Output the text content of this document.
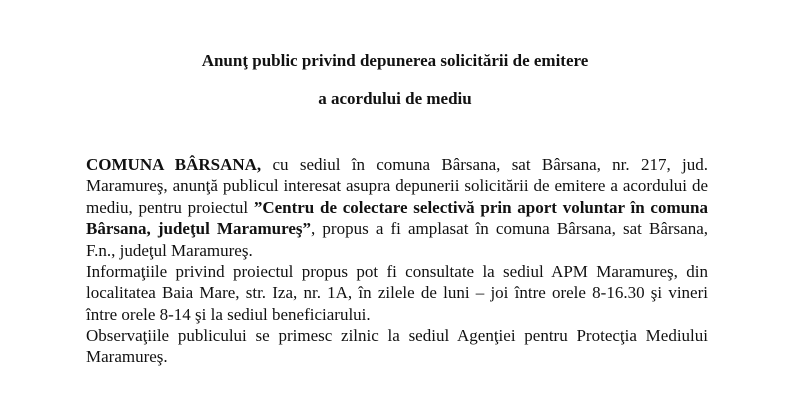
Anunţ public privind depunerea solicitării de emitere
a acordului de mediu
COMUNA BÂRSANA, cu sediul în comuna Bârsana, sat Bârsana, nr. 217, jud. Maramureş, anunţă publicul interesat asupra depunerii solicitării de emitere a acordului de mediu, pentru proiectul ”Centru de colectare selectivă prin aport voluntar în comuna Bârsana, judeţul Maramureş”, propus a fi amplasat în comuna Bârsana, sat Bârsana, F.n., judeţul Maramureş.
Informaţiile privind proiectul propus pot fi consultate la sediul APM Maramureş, din localitatea Baia Mare, str. Iza, nr. 1A, în zilele de luni – joi între orele 8-16.30 şi vineri între orele 8-14 şi la sediul beneficiarului.
Observaţiile publicului se primesc zilnic la sediul Agenţiei pentru Protecţia Mediului Maramureş.
